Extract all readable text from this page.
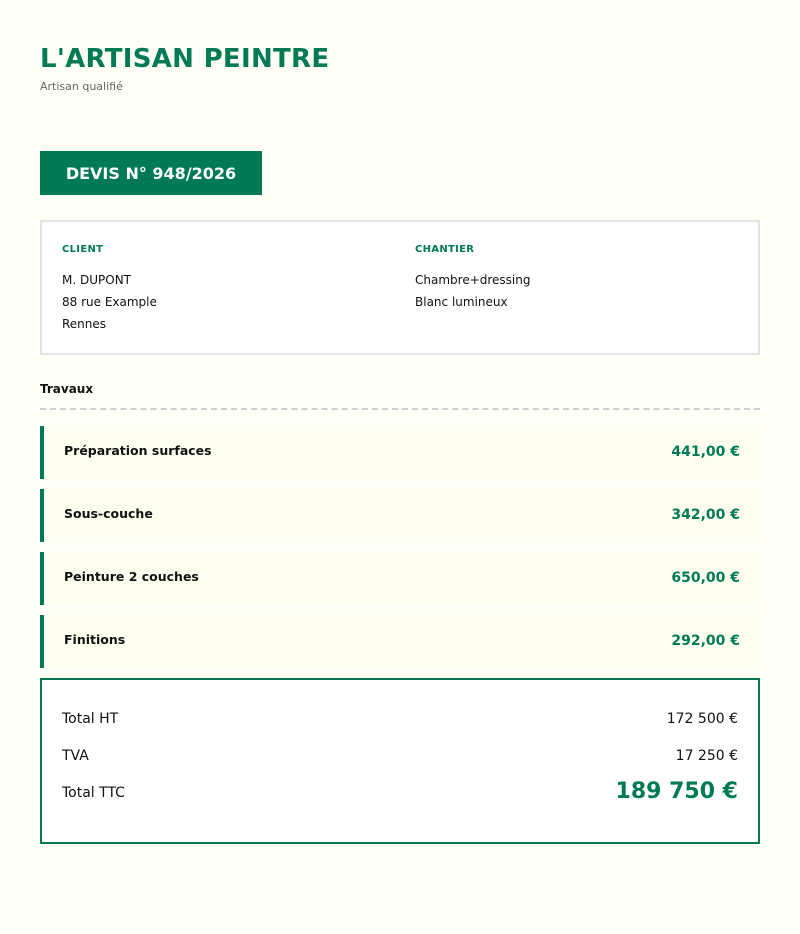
L'ARTISAN PEINTRE
Artisan qualifié
DEVIS N° 948/2026
CLIENT
M. DUPONT
88 rue Example
Rennes
CHANTIER
Chambre+dressing
Blanc lumineux
Travaux
Préparation surfaces	441,00 €
Sous-couche	342,00 €
Peinture 2 couches	650,00 €
Finitions	292,00 €
Total HT	172 500 €
TVA	17 250 €
Total TTC	189 750 €
